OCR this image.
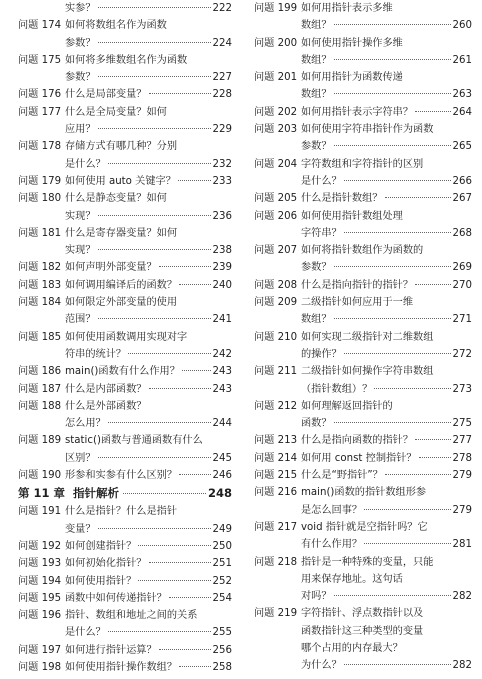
实参？	222
问题 174 如何将数组名作为函数
参数？	224
问题 175 如何将多维数组名作为函数
参数？	227
问题 176 什么是局部变量？	228
问题 177 什么是全局变量？如何
应用？	229
问题 178 存储方式有哪几种？分别
是什么？	232
问题 179 如何使用 auto 关键字？	233
问题 180 什么是静态变量？如何
实现？	236
问题 181 什么是寄存器变量？如何
实现？	238
问题 182 如何声明外部变量？	239
问题 183 如何调用编译后的函数？	240
问题 184 如何限定外部变量的使用
范围？	241
问题 185 如何使用函数调用实现对字
符串的统计？	242
问题 186 main()函数有什么作用？	243
问题 187 什么是内部函数？	243
问题 188 什么是外部函数？
怎么用？	244
问题 189 static()函数与普通函数有什么
区别？	245
问题 190 形参和实参有什么区别？	246
第 11 章 指针解析	248
问题 191 什么是指针？什么是指针
变量？	249
问题 192 如何创建指针？	250
问题 193 如何初始化指针？	251
问题 194 如何使用指针？	252
问题 195 函数中如何传递指针？	254
问题 196 指针、数组和地址之间的关系
是什么？	255
问题 197 如何进行指针运算？	256
问题 198 如何使用指针操作数组？	258
问题 199 如何用指针表示多维
数组？	260
问题 200 如何使用指针操作多维
数组？	261
问题 201 如何用指针为函数传递
数组？	263
问题 202 如何用指针表示字符串？	264
问题 203 如何使用字符串指针作为函数
参数？	265
问题 204 字符数组和字符指针的区别
是什么？	266
问题 205 什么是指针数组？	267
问题 206 如何使用指针数组处理
字符串？	268
问题 207 如何将指针数组作为函数的
参数？	269
问题 208 什么是指向指针的指针？	270
问题 209 二级指针如何应用于一维
数组？	271
问题 210 如何实现二级指针对二维数组
的操作？	272
问题 211 二级指针如何操作字符串数组
（指针数组）？	273
问题 212 如何理解返回指针的
函数？	275
问题 213 什么是指向函数的指针？	277
问题 214 如何用 const 控制指针？	278
问题 215 什么是“野指针”？	279
问题 216 main()函数的指针数组形参
是怎么回事？	279
问题 217 void 指针就是空指针吗？它
有什么作用？	281
问题 218 指针是一种特殊的变量，只能
用来保存地址。这句话
对吗？	282
问题 219 字符指针、浮点数指针以及
函数指针这三种类型的变量
哪个占用的内存最大？
为什么？	282
